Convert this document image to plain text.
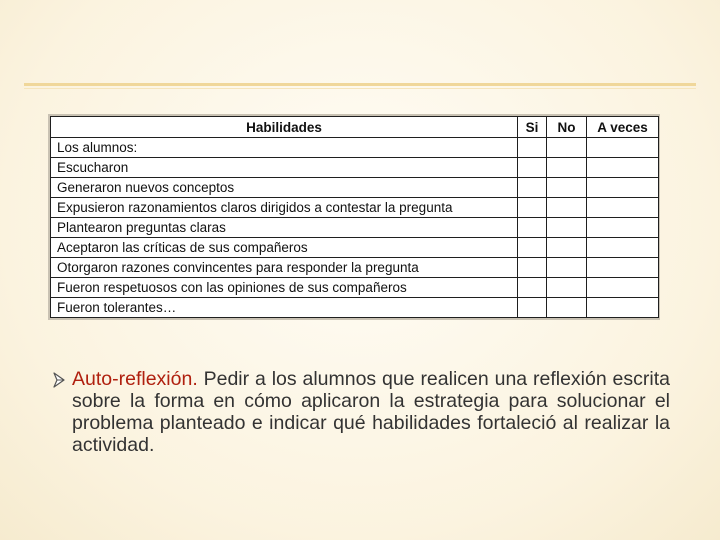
Habilidades	Si	No	A veces
Los alumnos:			
Escucharon			
Generaron nuevos conceptos			
Expusieron razonamientos claros dirigidos a contestar la pregunta			
Plantearon preguntas claras			
Aceptaron las críticas de sus compañeros			
Otorgaron razones convincentes para responder la pregunta			
Fueron respetuosos con las opiniones de sus compañeros			
Fueron tolerantes…			
Auto-reflexión. Pedir a los alumnos que realicen una reflexión escrita sobre la forma en cómo aplicaron la estrategia para solucionar el problema planteado e indicar qué habilidades fortaleció al realizar la actividad.
